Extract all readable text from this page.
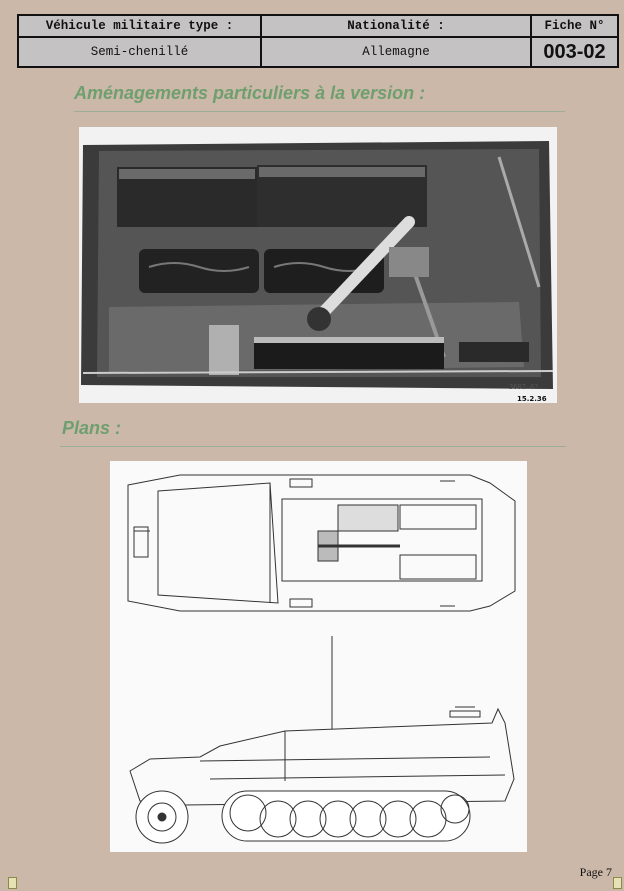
Véhicule militaire type :	Nationalité :	Fiche N°
Semi-chenillé	Allemagne	003-02
Aménagements particuliers à la version :
3682 62
15.2.36
Plans :
Page 7
